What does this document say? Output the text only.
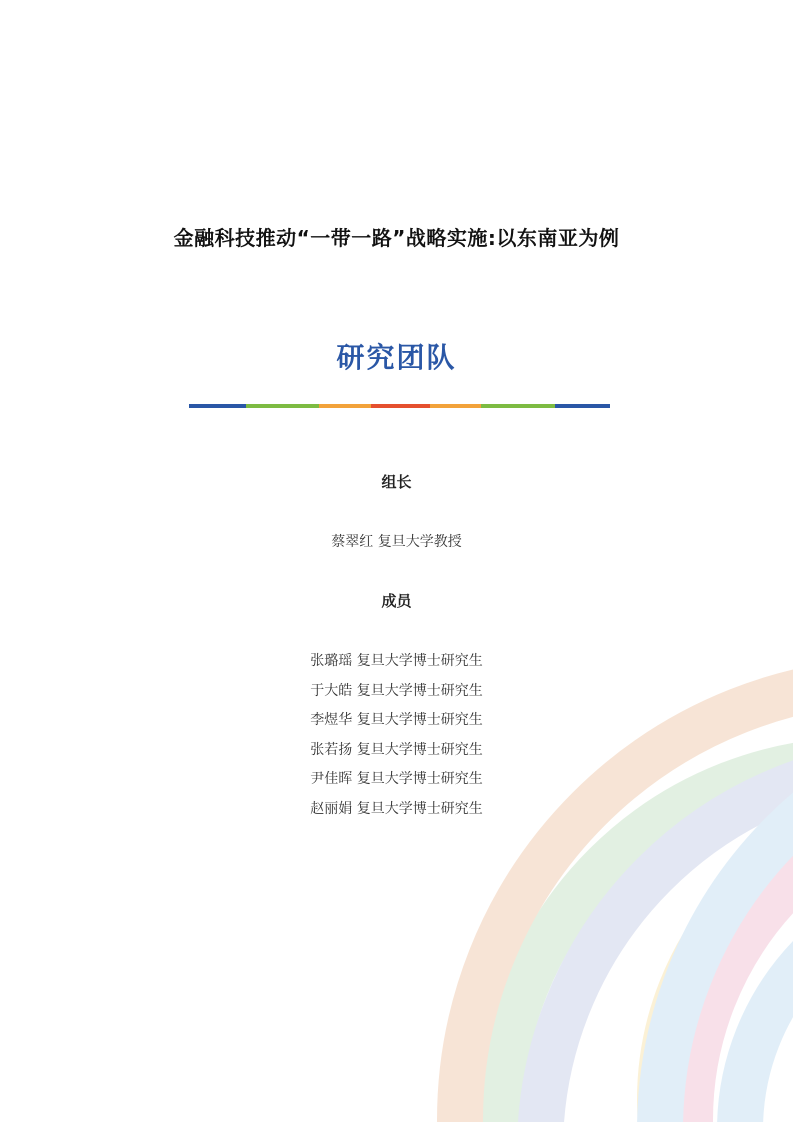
金融科技推动“一带一路”战略实施:以东南亚为例
研究团队
组长
蔡翠红 复旦大学教授
成员
张璐瑶 复旦大学博士研究生
于大皓 复旦大学博士研究生
李煜华 复旦大学博士研究生
张若扬 复旦大学博士研究生
尹佳晖 复旦大学博士研究生
赵丽娟 复旦大学博士研究生
